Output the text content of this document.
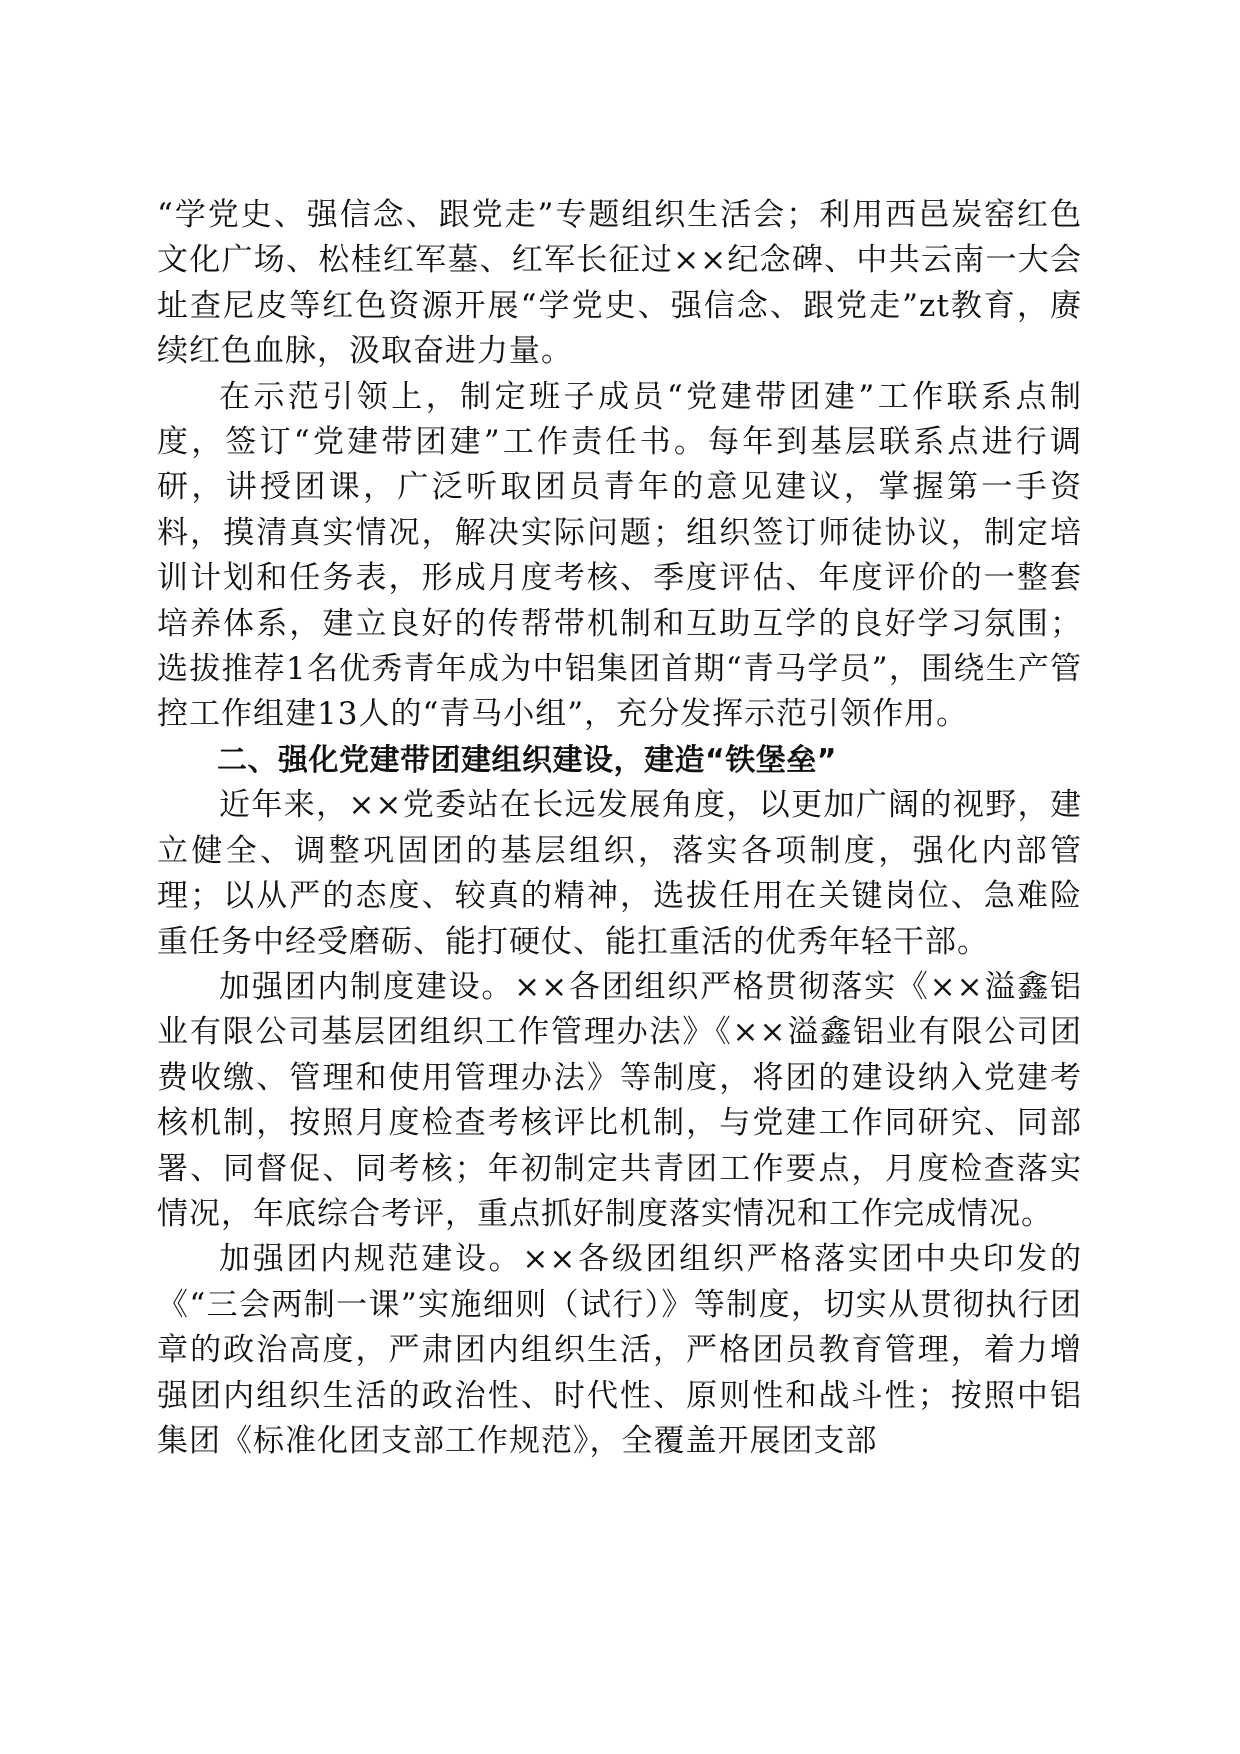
“学党史、强信念、跟党走”专题组织生活会；利用西邑炭窑红色文化广场、松桂红军墓、红军长征过××纪念碑、中共云南一大会址查尼皮等红色资源开展“学党史、强信念、跟党走”zt教育，赓续红色血脉，汲取奋进力量。

在示范引领上，制定班子成员“党建带团建”工作联系点制度，签订“党建带团建”工作责任书。每年到基层联系点进行调研，讲授团课，广泛听取团员青年的意见建议，掌握第一手资料，摸清真实情况，解决实际问题；组织签订师徒协议，制定培训计划和任务表，形成月度考核、季度评估、年度评价的一整套培养体系，建立良好的传帮带机制和互助互学的良好学习氛围；选拔推荐1名优秀青年成为中铝集团首期“青马学员”，围绕生产管控工作组建13人的“青马小组”，充分发挥示范引领作用。

二、强化党建带团建组织建设，建造“铁堡垒”

近年来，××党委站在长远发展角度，以更加广阔的视野，建立健全、调整巩固团的基层组织，落实各项制度，强化内部管理；以从严的态度、较真的精神，选拔任用在关键岗位、急难险重任务中经受磨砺、能打硬仗、能扛重活的优秀年轻干部。

加强团内制度建设。××各团组织严格贯彻落实《××溢鑫铝业有限公司基层团组织工作管理办法》《××溢鑫铝业有限公司团费收缴、管理和使用管理办法》等制度，将团的建设纳入党建考核机制，按照月度检查考核评比机制，与党建工作同研究、同部署、同督促、同考核；年初制定共青团工作要点，月度检查落实情况，年底综合考评，重点抓好制度落实情况和工作完成情况。

加强团内规范建设。××各级团组织严格落实团中央印发的《“三会两制一课”实施细则（试行）》等制度，切实从贯彻执行团章的政治高度，严肃团内组织生活，严格团员教育管理，着力增强团内组织生活的政治性、时代性、原则性和战斗性；按照中铝集团《标准化团支部工作规范》，全覆盖开展团支部
